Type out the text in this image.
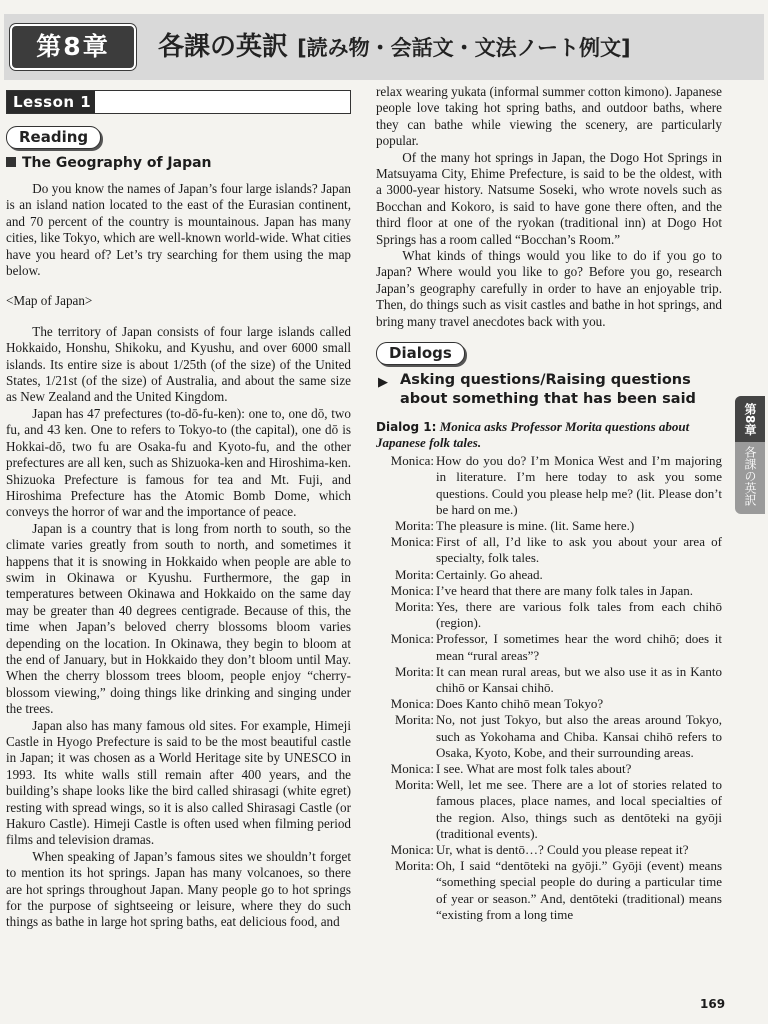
第8章	各課の英訳 [読み物・会話文・文法ノート例文]
Lesson 1
Reading
The Geography of Japan

Do you know the names of Japan’s four large islands? Japan is an island nation located to the east of the Eurasian continent, and 70 percent of the country is mountainous. Japan has many cities, like Tokyo, which are well-known world-wide. What cities have you heard of? Let’s try searching for them using the map below.

<Map of Japan>

The territory of Japan consists of four large islands called Hokkaido, Honshu, Shikoku, and Kyushu, and over 6000 small islands. Its entire size is about 1/25th (of the size) of the United States, 1/21st (of the size) of Australia, and about the same size as New Zealand and the United Kingdom.

Japan has 47 prefectures (to-dō-fu-ken): one to, one dō, two fu, and 43 ken. One to refers to Tokyo-to (the capital), one dō is Hokkai-dō, two fu are Osaka-fu and Kyoto-fu, and the other prefectures are all ken, such as Shizuoka-ken and Hiroshima-ken. Shizuoka Prefecture is famous for tea and Mt. Fuji, and Hiroshima Prefecture has the Atomic Bomb Dome, which conveys the horror of war and the importance of peace.

Japan is a country that is long from north to south, so the climate varies greatly from south to north, and sometimes it happens that it is snowing in Hokkaido when people are able to swim in Okinawa or Kyushu. Furthermore, the gap in temperatures between Okinawa and Hokkaido on the same day may be greater than 40 degrees centigrade. Because of this, the time when Japan’s beloved cherry blossoms bloom varies depending on the location. In Okinawa, they begin to bloom at the end of January, but in Hokkaido they don’t bloom until May. When the cherry blossom trees bloom, people enjoy “cherry-blossom viewing,” doing things like drinking and singing under the trees.

Japan also has many famous old sites. For example, Himeji Castle in Hyogo Prefecture is said to be the most beautiful castle in Japan; it was chosen as a World Heritage site by UNESCO in 1993. Its white walls still remain after 400 years, and the building’s shape looks like the bird called shirasagi (white egret) resting with spread wings, so it is also called Shirasagi Castle (or Hakuro Castle). Himeji Castle is often used when filming period films and television dramas.

When speaking of Japan’s famous sites we shouldn’t forget to mention its hot springs. Japan has many volcanoes, so there are hot springs throughout Japan. Many people go to hot springs for the purpose of sightseeing or leisure, where they do such things as bathe in large hot spring baths, eat delicious food, and

relax wearing yukata (informal summer cotton kimono). Japanese people love taking hot spring baths, and outdoor baths, where they can bathe while viewing the scenery, are particularly popular.

Of the many hot springs in Japan, the Dogo Hot Springs in Matsuyama City, Ehime Prefecture, is said to be the oldest, with a 3000-year history. Natsume Soseki, who wrote novels such as Bocchan and Kokoro, is said to have gone there often, and the third floor at one of the ryokan (traditional inn) at Dogo Hot Springs has a room called “Bocchan’s Room.”

What kinds of things would you like to do if you go to Japan? Where would you like to go? Before you go, research Japan’s geography carefully in order to have an enjoyable trip. Then, do things such as visit castles and bathe in hot springs, and bring many travel anecdotes back with you.

Dialogs
▶ Asking questions/Raising questions about something that has been said
Dialog 1: Monica asks Professor Morita questions about Japanese folk tales.
Monica: How do you do? I’m Monica West and I’m majoring in literature. I’m here today to ask you some questions. Could you please help me? (lit. Please don’t be hard on me.)
Morita: The pleasure is mine. (lit. Same here.)
Monica: First of all, I’d like to ask you about your area of specialty, folk tales.
Morita: Certainly. Go ahead.
Monica: I’ve heard that there are many folk tales in Japan.
Morita: Yes, there are various folk tales from each chihō (region).
Monica: Professor, I sometimes hear the word chihō; does it mean “rural areas”?
Morita: It can mean rural areas, but we also use it as in Kanto chihō or Kansai chihō.
Monica: Does Kanto chihō mean Tokyo?
Morita: No, not just Tokyo, but also the areas around Tokyo, such as Yokohama and Chiba. Kansai chihō refers to Osaka, Kyoto, Kobe, and their surrounding areas.
Monica: I see. What are most folk tales about?
Morita: Well, let me see. There are a lot of stories related to famous places, place names, and local specialties of the region. Also, things such as dentōteki na gyōji (traditional events).
Monica: Ur, what is dentō…? Could you please repeat it?
Morita: Oh, I said “dentōteki na gyōji.” Gyōji (event) means “something special people do during a particular time of year or season.” And, dentōteki (traditional) means “existing from a long time
第8章
各課の英訳
169
